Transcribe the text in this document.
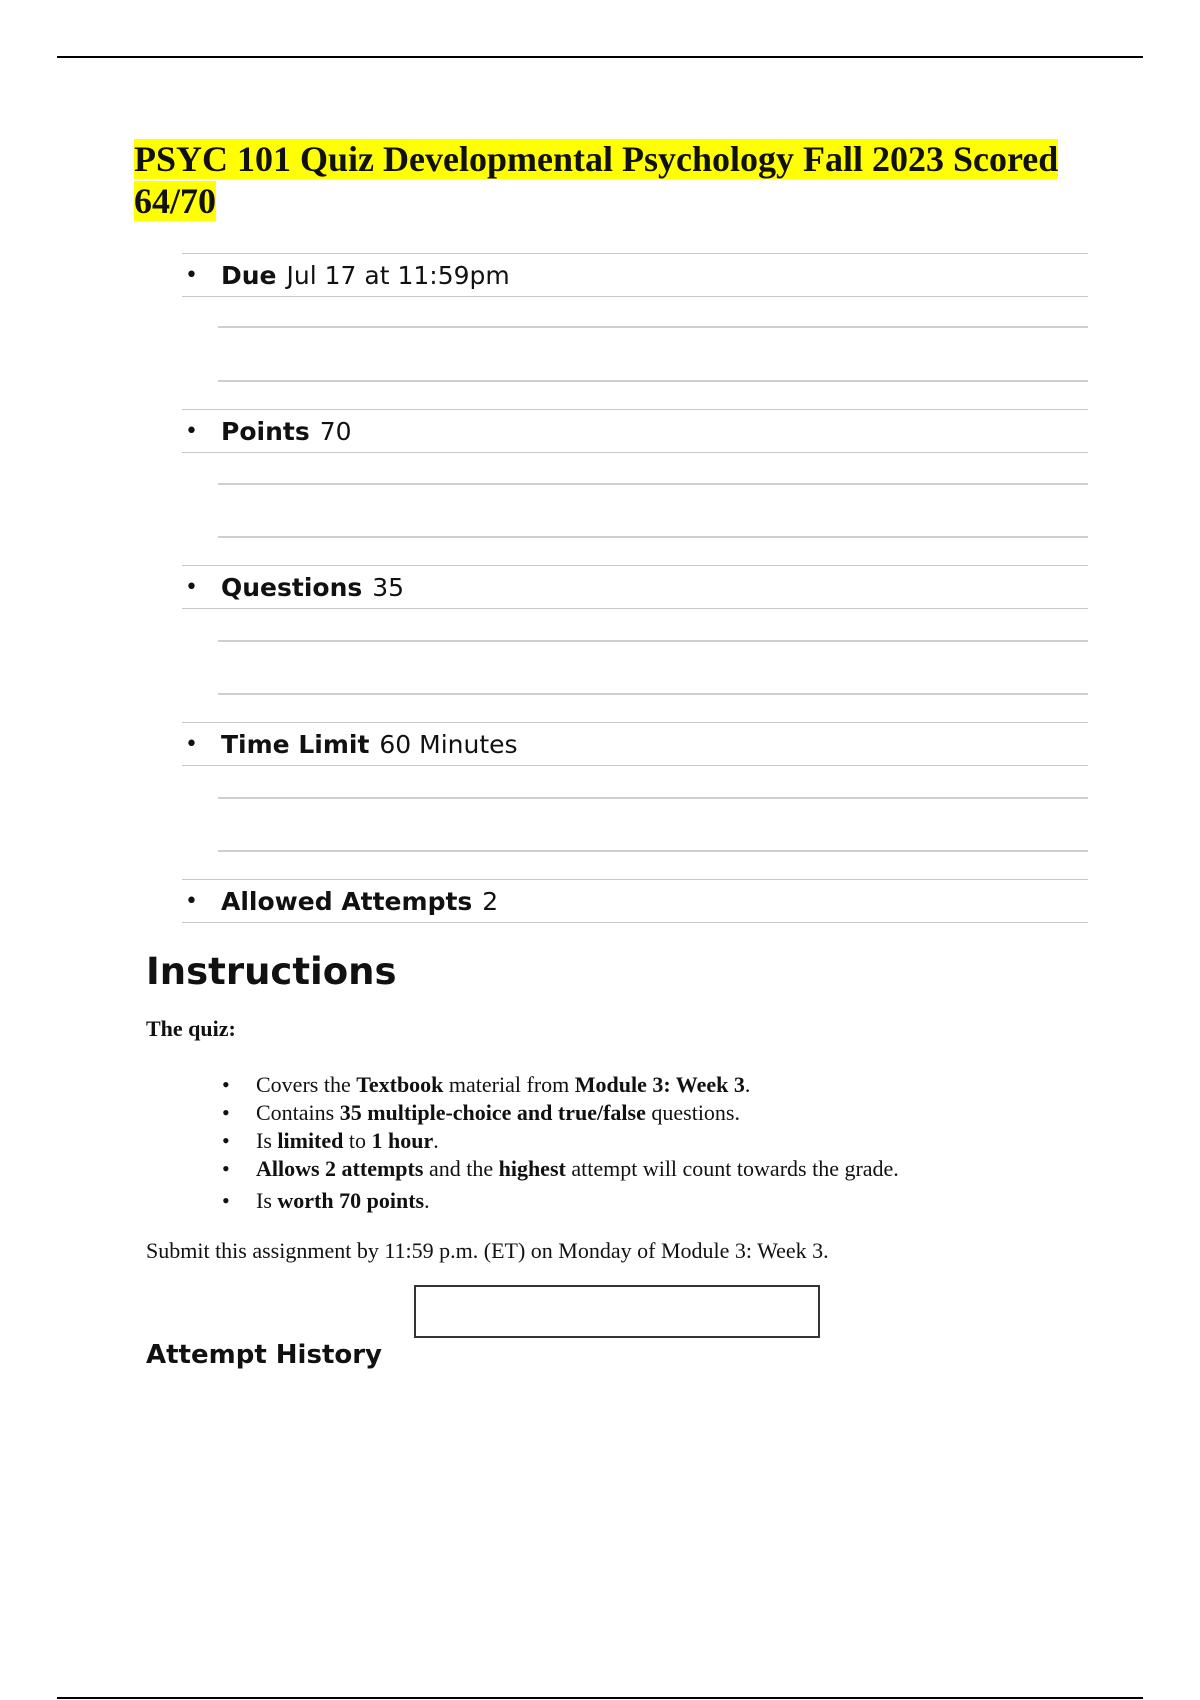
PSYC 101 Quiz Developmental Psychology Fall 2023 Scored 64/70
• Due Jul 17 at 11:59pm
• Points 70
• Questions 35
• Time Limit 60 Minutes
• Allowed Attempts 2
Instructions

The quiz:

• Covers the Textbook material from Module 3: Week 3.
• Contains 35 multiple-choice and true/false questions.
• Is limited to 1 hour.
• Allows 2 attempts and the highest attempt will count towards the grade.
• Is worth 70 points.

Submit this assignment by 11:59 p.m. (ET) on Monday of Module 3: Week 3.

Attempt History
